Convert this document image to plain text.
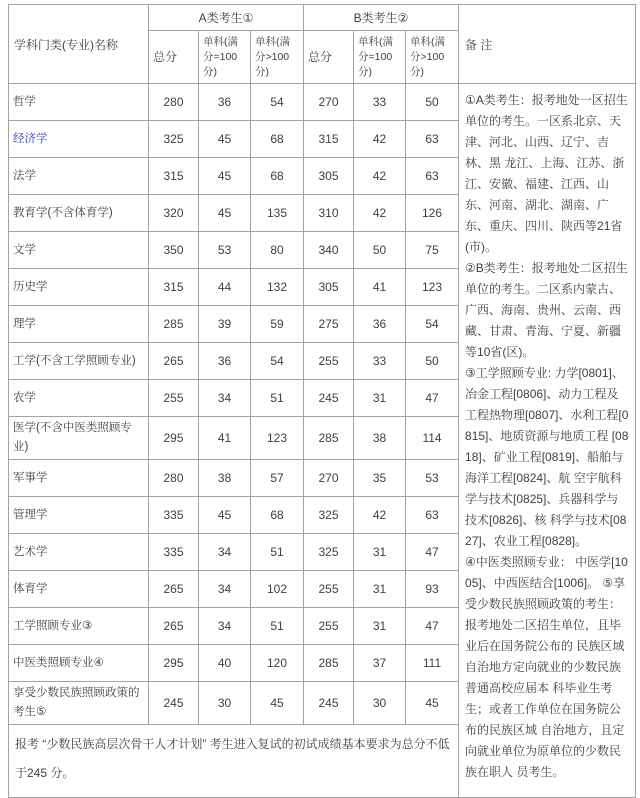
学科门类(专业)名称	A类考生①			B类考生②			备 注
	总分	单科(满分=100分)	单科(满分>100分)	总分	单科(满分=100分)	单科(满分>100分)	
哲学	280	36	54	270	33	50	①A类考生：报考地处一区招生单位的考生。一区系北京、天津、河北、山西、辽宁、吉林、黑 龙江、上海、江苏、浙江、安徽、福建、江西、山东、河南、湖北、湖南、广东、重庆、四川、陕西等21省(市)。

②B类考生：报考地处二区招生单位的考生。二区系内蒙古、广西、海南、贵州、云南、西藏、甘肃、青海、宁夏、新疆等10省(区)。

③工学照顾专业: 力学[0801]、冶金工程[0806]、动力工程及工程热物理[0807]、水利工程[0815]、地质资源与地质工程 [0818]、矿业工程[0819]、船舶与海洋工程[0824]、航 空宇航科学与技术[0825]、兵器科学与技术[0826]、核 科学与技术[0827]、农业工程[0828]。

④中医类照顾专业： 中医学[1005]、中西医结合[1006]。 ⑤享受少数民族照顾政策的考生： 报考地处二区招生单位，且毕业后在国务院公布的 民族区域自治地方定向就业的少数民族普通高校应届本 科毕业生考生；或者工作单位在国务院公布的民族区域 自治地方，且定向就业单位为原单位的少数民族在职人 员考生。

经济学	325	45	68	315	42	63	
法学	315	45	68	305	42	63	
教育学(不含体育学)	320	45	135	310	42	126	
文学	350	53	80	340	50	75	
历史学	315	44	132	305	41	123	
理学	285	39	59	275	36	54	
工学(不含工学照顾专业)	265	36	54	255	33	50	
农学	255	34	51	245	31	47	
医学(不含中医类照顾专业)	295	41	123	285	38	114	
军事学	280	38	57	270	35	53	
管理学	335	45	68	325	42	63	
艺术学	335	34	51	325	31	47	
体育学	265	34	102	255	31	93	
工学照顾专业③	265	34	51	255	31	47	
中医类照顾专业④	295	40	120	285	37	111	
享受少数民族照顾政策的考生⑤	245	30	45	245	30	45	
报考 “少数民族高层次骨干人才计划” 考生进入复试的初试成绩基本要求为总分不低于245 分。							
